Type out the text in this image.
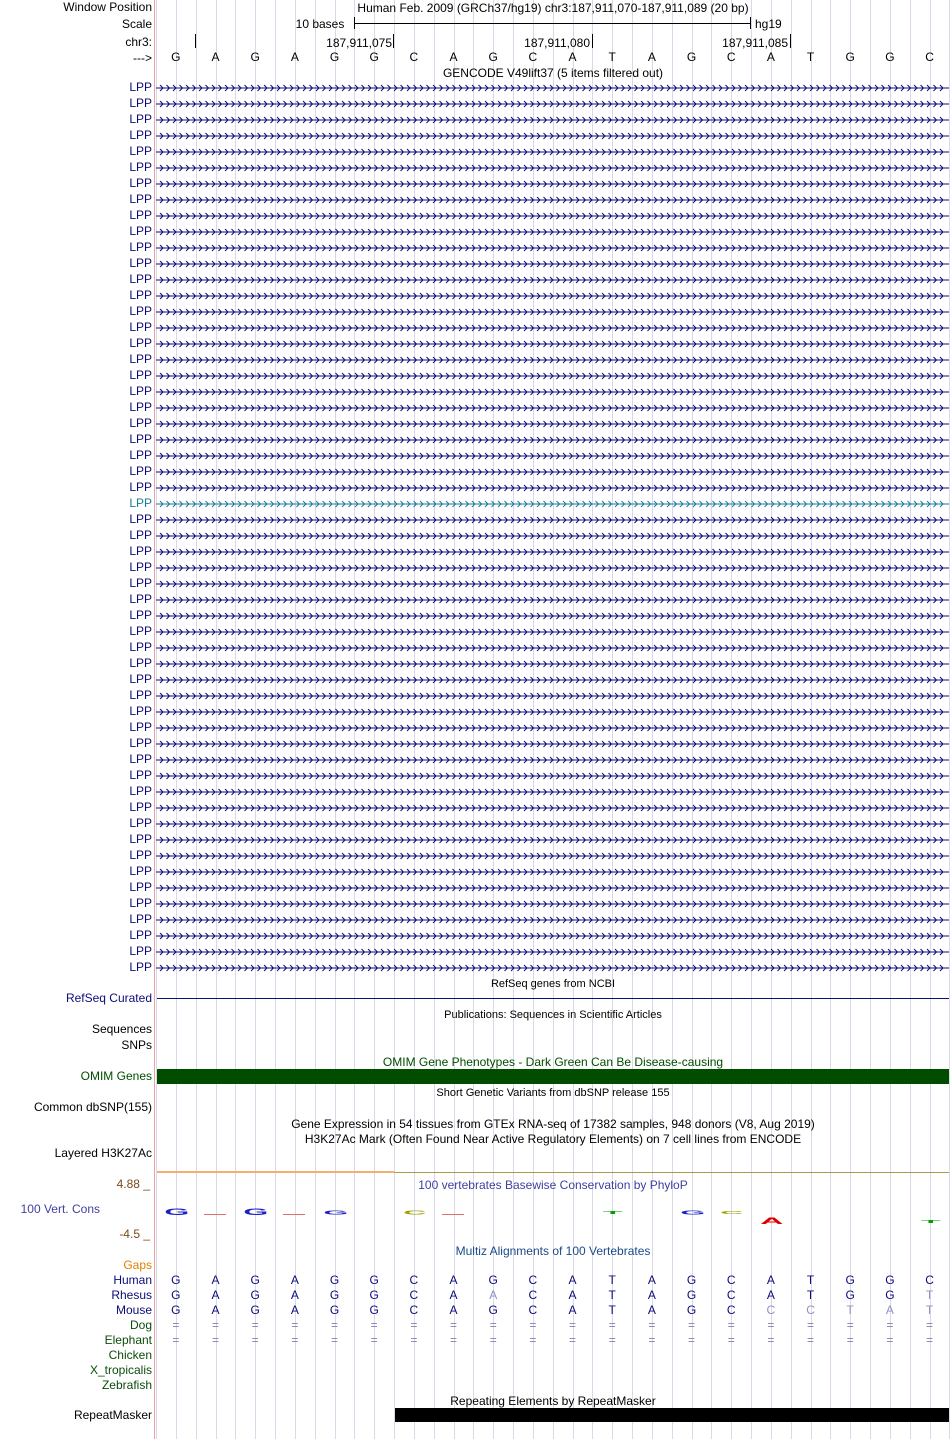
Window Position
Scale
chr3:
--->
Human Feb. 2009 (GRCh37/hg19) chr3:187,911,070-187,911,089 (20 bp)
10 bases	hg19
187,911,075	187,911,080	187,911,085
G	A	G	A	G	G	C	A	G	C	A	T	A	G	C	A	T	G	G	C
GENCODE V49lift37 (5 items filtered out)
LPP
LPP
LPP
LPP
LPP
LPP
LPP
LPP
LPP
LPP
LPP
LPP
LPP
LPP
LPP
LPP
LPP
LPP
LPP
LPP
LPP
LPP
LPP
LPP
LPP
LPP
LPP
LPP
LPP
LPP
LPP
LPP
LPP
LPP
LPP
LPP
LPP
LPP
LPP
LPP
LPP
LPP
LPP
LPP
LPP
LPP
LPP
LPP
LPP
LPP
LPP
LPP
LPP
LPP
LPP
LPP
RefSeq genes from NCBI
RefSeq Curated
Publications: Sequences in Scientific Articles
Sequences
SNPs
OMIM Gene Phenotypes - Dark Green Can Be Disease-causing
OMIM Genes
Short Genetic Variants from dbSNP release 155
Common dbSNP(155)
Gene Expression in 54 tissues from GTEx RNA-seq of 17382 samples, 948 donors (V8, Aug 2019)
H3K27Ac Mark (Often Found Near Active Regulatory Elements) on 7 cell lines from ENCODE
Layered H3K27Ac
4.88 _	100 vertebrates Basewise Conservation by PhyloP
100 Vert. Cons
-4.5 _
G	G	G	C	T	G C
A	T
Multiz Alignments of 100 Vertebrates
Gaps
Human	G	A	G	A	G	G	C	A	G	C	A	T	A	G	C	A	T	G	G	C
Rhesus	G	A	G	A	G	G	C	A	A	C	A	T	A	G	C	A	T	G	G	T
Mouse	G	A	G	A	G	G	C	A	G	C	A	T	A	G	C	C	C	T	A	T
Dog	=	=	=	=	=	=	=	=	=	=	=	=	=	=	=	=	=	=	=	=
Elephant	=	=	=	=	=	=	=	=	=	=	=	=	=	=	=	=	=	=	=	=
Chicken
X_tropicalis
Zebrafish
Repeating Elements by RepeatMasker
RepeatMasker
